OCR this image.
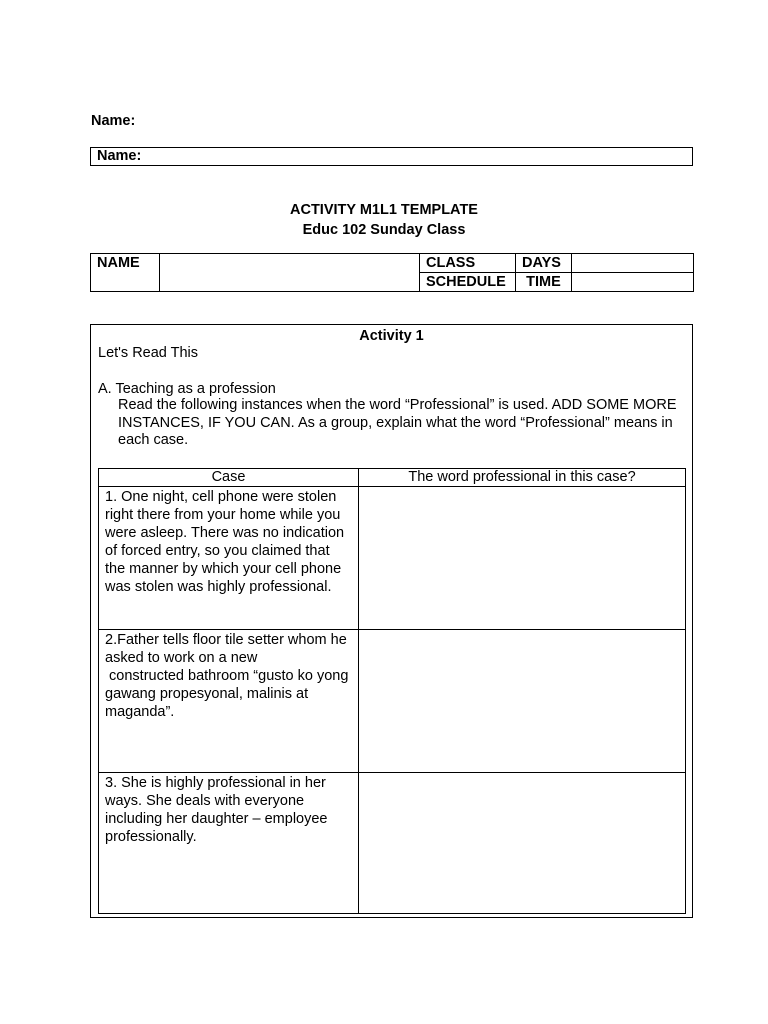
Name:
Name:
ACTIVITY M1L1 TEMPLATE
Educ 102 Sunday Class
NAME		CLASS	DAYS	
		SCHEDULE	TIME	
Activity 1
Let's Read This
A. Teaching as a profession
Read the following instances when the word “Professional” is used. ADD SOME MORE INSTANCES, IF YOU CAN. As a group, explain what the word “Professional” means in each case.
Case	The word professional in this case?
1. One night, cell phone were stolen right there from your home while you were asleep. There was no indication of forced entry, so you claimed that the manner by which your cell phone was stolen was highly professional.	
2.Father tells floor tile setter whom he asked to work on a new
constructed bathroom “gusto ko yong gawang propesyonal, malinis at maganda”.	
3. She is highly professional in her ways. She deals with everyone including her daughter – employee professionally.	
